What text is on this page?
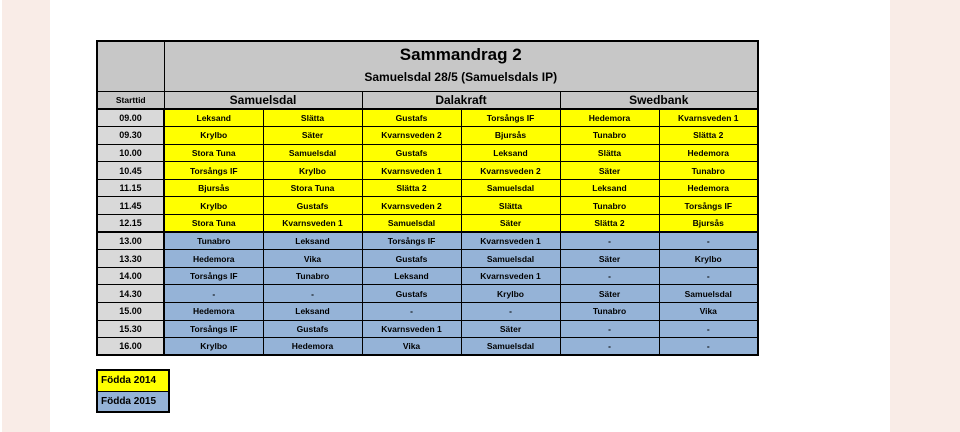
	Sammandrag 2
Samuelsdal 28/5 (Samuelsdals IP)					

Starttid	Samuelsdal		Dalakraft		Swedbank	
09.00	Leksand	Slätta	Gustafs	Torsångs IF	Hedemora	Kvarnsveden 1
09.30	Krylbo	Säter	Kvarnsveden 2	Bjursås	Tunabro	Slätta 2
10.00	Stora Tuna	Samuelsdal	Gustafs	Leksand	Slätta	Hedemora
10.45	Torsångs IF	Krylbo	Kvarnsveden 1	Kvarnsveden 2	Säter	Tunabro
11.15	Bjursås	Stora Tuna	Slätta 2	Samuelsdal	Leksand	Hedemora
11.45	Krylbo	Gustafs	Kvarnsveden 2	Slätta	Tunabro	Torsångs IF
12.15	Stora Tuna	Kvarnsveden 1	Samuelsdal	Säter	Slätta 2	Bjursås
13.00	Tunabro	Leksand	Torsångs IF	Kvarnsveden 1	-	-
13.30	Hedemora	Vika	Gustafs	Samuelsdal	Säter	Krylbo
14.00	Torsångs IF	Tunabro	Leksand	Kvarnsveden 1	-	-
14.30	-	-	Gustafs	Krylbo	Säter	Samuelsdal
15.00	Hedemora	Leksand	-	-	Tunabro	Vika
15.30	Torsångs IF	Gustafs	Kvarnsveden 1	Säter	-	-
16.00	Krylbo	Hedemora	Vika	Samuelsdal	-	-
Födda 2014
Födda 2015
